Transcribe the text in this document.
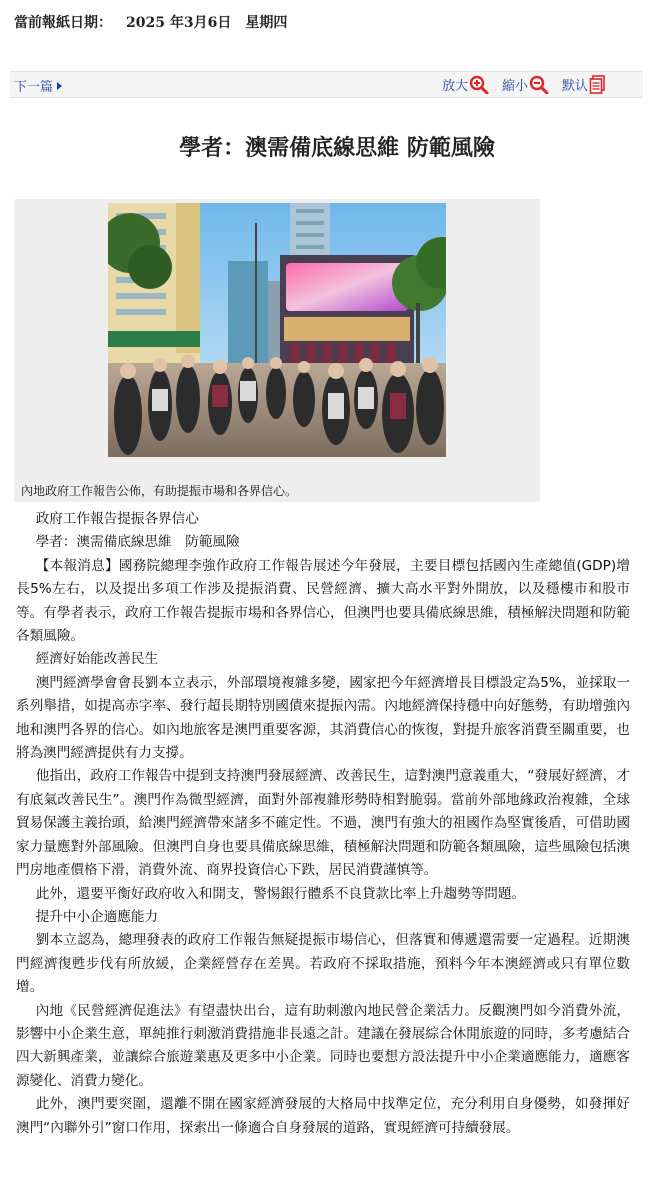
當前報紙日期： 2025 年3月6日 星期四
下一篇	放大	縮小	默认
學者：澳需備底線思維 防範風險
內地政府工作報告公佈，有助提振市場和各界信心。

政府工作報告提振各界信心

學者：澳需備底線思維　防範風險

【本報消息】國務院總理李強作政府工作報告展述今年發展，主要目標包括國內生產總值(GDP)增長5%左右，以及提出多項工作涉及提振消費、民營經濟、擴大高水平對外開放，以及穩樓市和股市等。有學者表示，政府工作報告提振市場和各界信心，但澳門也要具備底線思維，積極解決問題和防範各類風險。

經濟好始能改善民生

澳門經濟學會會長劉本立表示，外部環境複雜多變，國家把今年經濟增長目標設定為5%，並採取一系列舉措，如提高赤字率、發行超長期特別國債來提振內需。內地經濟保持穩中向好態勢，有助增強內地和澳門各界的信心。如內地旅客是澳門重要客源，其消費信心的恢復，對提升旅客消費至關重要，也將為澳門經濟提供有力支撐。

他指出，政府工作報告中提到支持澳門發展經濟、改善民生，這對澳門意義重大，“發展好經濟，才有底氣改善民生”。澳門作為微型經濟，面對外部複雜形勢時相對脆弱。當前外部地緣政治複雜，全球貿易保護主義抬頭，給澳門經濟帶來諸多不確定性。不過，澳門有強大的祖國作為堅實後盾，可借助國家力量應對外部風險。但澳門自身也要具備底線思維，積極解決問題和防範各類風險，這些風險包括澳門房地產價格下滑，消費外流、商界投資信心下跌，居民消費謹慎等。

此外，還要平衡好政府收入和開支，警惕銀行體系不良貸款比率上升趨勢等問題。

提升中小企適應能力

劉本立認為，總理發表的政府工作報告無疑提振市場信心，但落實和傳遞還需要一定過程。近期澳門經濟復甦步伐有所放緩，企業經營存在差異。若政府不採取措施，預料今年本澳經濟或只有單位數增。

內地《民營經濟促進法》有望盡快出台，這有助刺激內地民營企業活力。反觀澳門如今消費外流，影響中小企業生意，單純推行刺激消費措施非長遠之計。建議在發展綜合休閒旅遊的同時，多考慮結合四大新興產業，並讓綜合旅遊業惠及更多中小企業。同時也要想方設法提升中小企業適應能力，適應客源變化、消費力變化。

此外，澳門要突圍，還離不開在國家經濟發展的大格局中找準定位，充分利用自身優勢，如發揮好澳門“內聯外引”窗口作用，探索出一條適合自身發展的道路，實現經濟可持續發展。
